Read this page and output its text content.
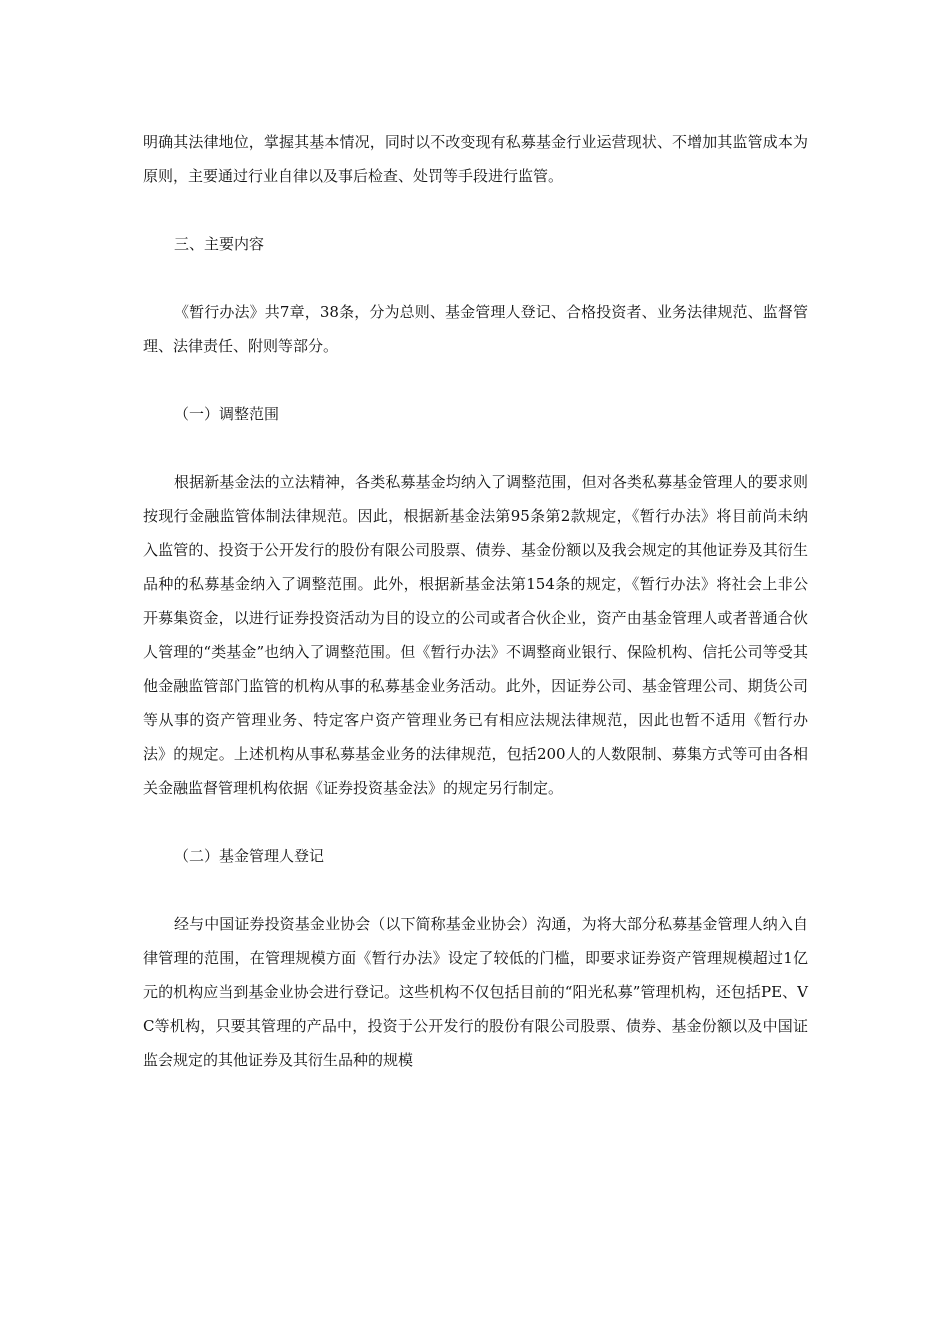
明确其法律地位，掌握其基本情况，同时以不改变现有私募基金行业运营现状、不增加其监管成本为原则，主要通过行业自律以及事后检查、处罚等手段进行监管。

三、主要内容

《暂行办法》共7章，38条，分为总则、基金管理人登记、合格投资者、业务法律规范、监督管理、法律责任、附则等部分。

（一）调整范围

根据新基金法的立法精神，各类私募基金均纳入了调整范围，但对各类私募基金管理人的要求则按现行金融监管体制法律规范。因此，根据新基金法第95条第2款规定，《暂行办法》将目前尚未纳入监管的、投资于公开发行的股份有限公司股票、债券、基金份额以及我会规定的其他证券及其衍生品种的私募基金纳入了调整范围。此外，根据新基金法第154条的规定，《暂行办法》将社会上非公开募集资金，以进行证券投资活动为目的设立的公司或者合伙企业，资产由基金管理人或者普通合伙人管理的“类基金”也纳入了调整范围。但《暂行办法》不调整商业银行、保险机构、信托公司等受其他金融监管部门监管的机构从事的私募基金业务活动。此外，因证券公司、基金管理公司、期货公司等从事的资产管理业务、特定客户资产管理业务已有相应法规法律规范，因此也暂不适用《暂行办法》的规定。上述机构从事私募基金业务的法律规范，包括200人的人数限制、募集方式等可由各相关金融监督管理机构依据《证券投资基金法》的规定另行制定。

（二）基金管理人登记

经与中国证券投资基金业协会（以下简称基金业协会）沟通，为将大部分私募基金管理人纳入自律管理的范围，在管理规模方面《暂行办法》设定了较低的门槛，即要求证券资产管理规模超过1亿元的机构应当到基金业协会进行登记。这些机构不仅包括目前的“阳光私募”管理机构，还包括PE、VC等机构，只要其管理的产品中，投资于公开发行的股份有限公司股票、债券、基金份额以及中国证监会规定的其他证券及其衍生品种的规模
